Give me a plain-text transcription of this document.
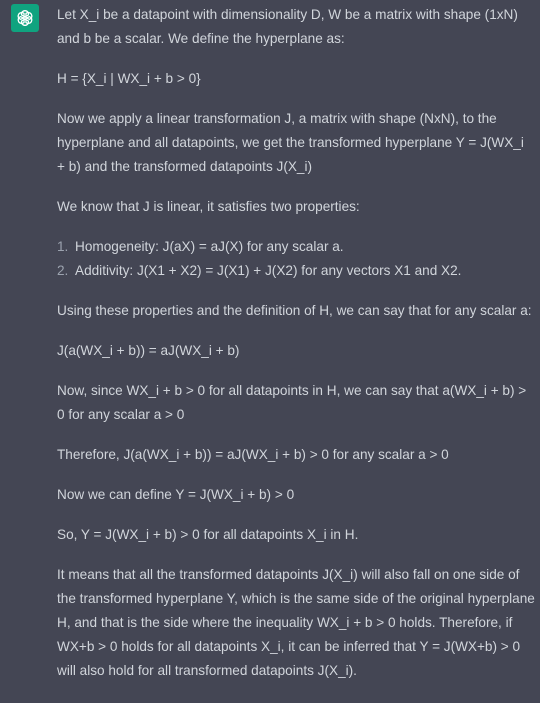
Let X_i be a datapoint with dimensionality D, W be a matrix with shape (1xN) and b be a scalar. We define the hyperplane as:

H = {X_i | WX_i + b > 0}

Now we apply a linear transformation J, a matrix with shape (NxN), to the hyperplane and all datapoints, we get the transformed hyperplane Y = J(WX_i + b) and the transformed datapoints J(X_i)

We know that J is linear, it satisfies two properties:

1. Homogeneity: J(aX) = aJ(X) for any scalar a.
2. Additivity: J(X1 + X2) = J(X1) + J(X2) for any vectors X1 and X2.

Using these properties and the definition of H, we can say that for any scalar a:

J(a(WX_i + b)) = aJ(WX_i + b)

Now, since WX_i + b > 0 for all datapoints in H, we can say that a(WX_i + b) > 0 for any scalar a > 0

Therefore, J(a(WX_i + b)) = aJ(WX_i + b) > 0 for any scalar a > 0

Now we can define Y = J(WX_i + b) > 0

So, Y = J(WX_i + b) > 0 for all datapoints X_i in H.

It means that all the transformed datapoints J(X_i) will also fall on one side of the transformed hyperplane Y, which is the same side of the original hyperplane H, and that is the side where the inequality WX_i + b > 0 holds. Therefore, if WX+b > 0 holds for all datapoints X_i, it can be inferred that Y = J(WX+b) > 0 will also hold for all transformed datapoints J(X_i).
